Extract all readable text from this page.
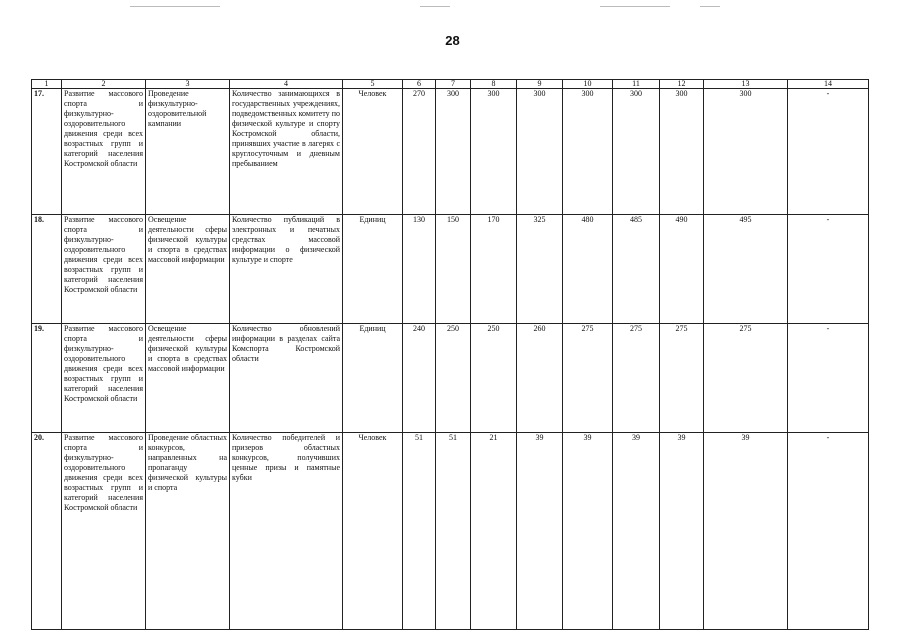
28
1	2	3	4	5	6	7	8	9	10	11	12	13	14
17.	Развитие массового спорта и физкультурно-оздоровительного движения среди всех возрастных групп и категорий населения Костромской области	Проведение физкультурно-оздоровительной кампании	Количество занимающихся в государственных учреждениях, подведомственных комитету по физической культуре и спорту Костромской области, принявших участие в лагерях с круглосуточным и дневным пребыванием	Человек	270	300	300	300	300	300	300	300	-
18.	Развитие массового спорта и физкультурно-оздоровительного движения среди всех возрастных групп и категорий населения Костромской области	Освещение деятельности сферы физической культуры и спорта в средствах массовой информации	Количество публикаций в электронных и печатных средствах массовой информации о физической культуре и спорте	Единиц	130	150	170	325	480	485	490	495	-
19.	Развитие массового спорта и физкультурно-оздоровительного движения среди всех возрастных групп и категорий населения Костромской области	Освещение деятельности сферы физической культуры и спорта в средствах массовой информации	Количество обновлений информации в разделах сайта Комспорта Костромской области	Единиц	240	250	250	260	275	275	275	275	-
20.	Развитие массового спорта и физкультурно-оздоровительного движения среди всех возрастных групп и категорий населения Костромской области	Проведение областных конкурсов, направленных на пропаганду физической культуры и спорта	Количество победителей и призеров областных конкурсов, получивших ценные призы и памятные кубки	Человек	51	51	21	39	39	39	39	39	-
